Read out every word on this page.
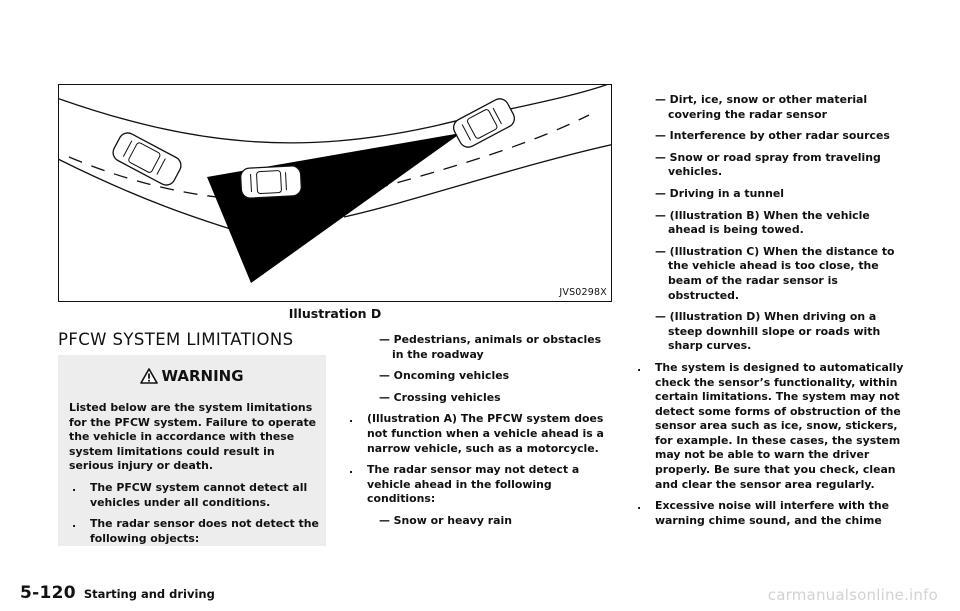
JVS0298X
Illustration D
PFCW SYSTEM LIMITATIONS
WARNING

Listed below are the system limitations for the PFCW system. Failure to operate the vehicle in accordance with these system limitations could result in serious injury or death.

. The PFCW system cannot detect all vehicles under all conditions.

. The radar sensor does not detect the following objects:

— Pedestrians, animals or obstacles in the roadway

— Oncoming vehicles

— Crossing vehicles

. (Illustration A) The PFCW system does not function when a vehicle ahead is a narrow vehicle, such as a motorcycle.

. The radar sensor may not detect a vehicle ahead in the following conditions:

— Snow or heavy rain

— Dirt, ice, snow or other material covering the radar sensor

— Interference by other radar sources

— Snow or road spray from traveling vehicles.

— Driving in a tunnel

— (Illustration B) When the vehicle ahead is being towed.

— (Illustration C) When the distance to the vehicle ahead is too close, the beam of the radar sensor is obstructed.

— (Illustration D) When driving on a steep downhill slope or roads with sharp curves.

. The system is designed to automatically check the sensor’s functionality, within certain limitations. The system may not detect some forms of obstruction of the sensor area such as ice, snow, stickers, for example. In these cases, the system may not be able to warn the driver properly. Be sure that you check, clean and clear the sensor area regularly.

. Excessive noise will interfere with the warning chime sound, and the chime

5-120 Starting and driving	carmanualsonline.info
